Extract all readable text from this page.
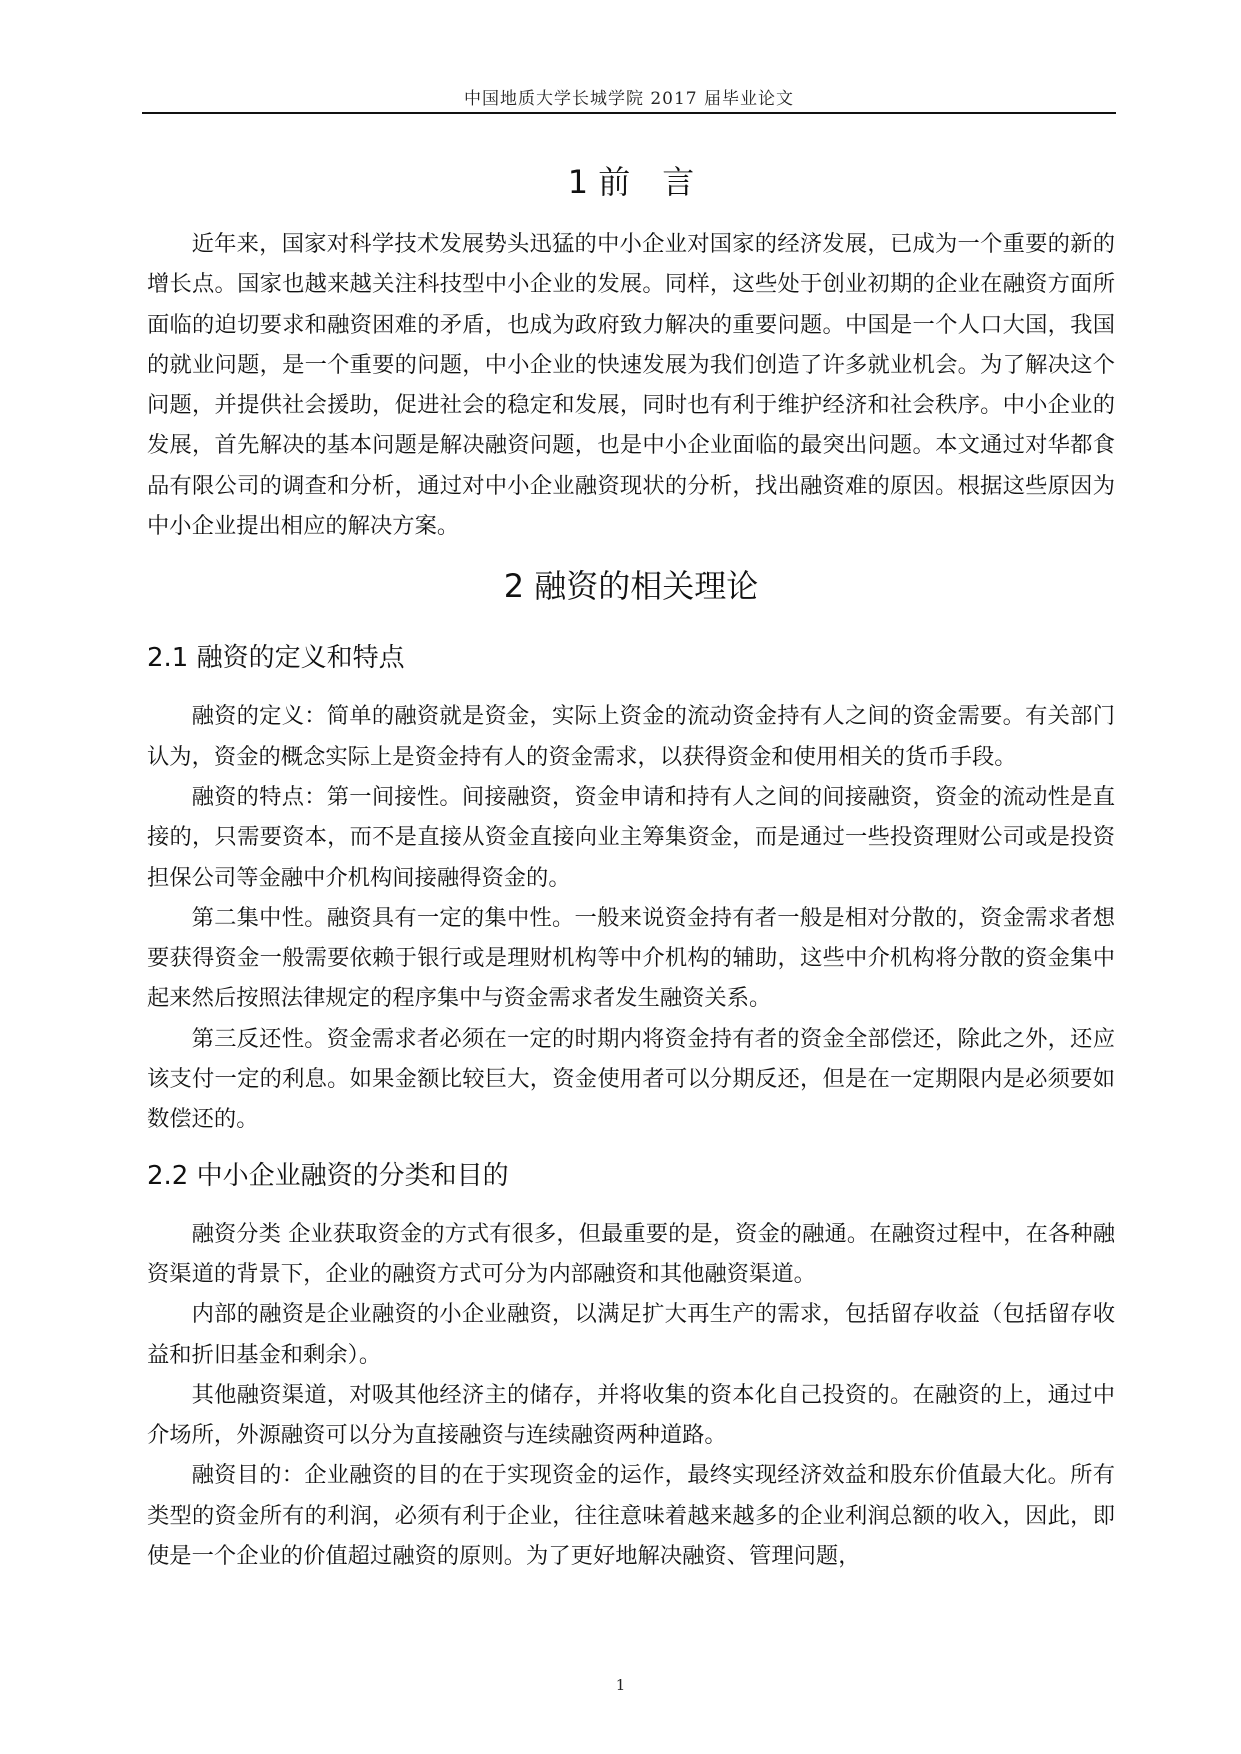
中国地质大学长城学院 2017 届毕业论文
1 前　言

近年来，国家对科学技术发展势头迅猛的中小企业对国家的经济发展，已成为一个重要的新的增长点。国家也越来越关注科技型中小企业的发展。同样，这些处于创业初期的企业在融资方面所面临的迫切要求和融资困难的矛盾，也成为政府致力解决的重要问题。中国是一个人口大国，我国的就业问题，是一个重要的问题，中小企业的快速发展为我们创造了许多就业机会。为了解决这个问题，并提供社会援助，促进社会的稳定和发展，同时也有利于维护经济和社会秩序。中小企业的发展，首先解决的基本问题是解决融资问题，也是中小企业面临的最突出问题。本文通过对华都食品有限公司的调查和分析，通过对中小企业融资现状的分析，找出融资难的原因。根据这些原因为中小企业提出相应的解决方案。

2 融资的相关理论
2.1 融资的定义和特点

融资的定义：简单的融资就是资金，实际上资金的流动资金持有人之间的资金需要。有关部门认为，资金的概念实际上是资金持有人的资金需求，以获得资金和使用相关的货币手段。

融资的特点：第一间接性。间接融资，资金申请和持有人之间的间接融资，资金的流动性是直接的，只需要资本，而不是直接从资金直接向业主筹集资金，而是通过一些投资理财公司或是投资担保公司等金融中介机构间接融得资金的。

第二集中性。融资具有一定的集中性。一般来说资金持有者一般是相对分散的，资金需求者想要获得资金一般需要依赖于银行或是理财机构等中介机构的辅助，这些中介机构将分散的资金集中起来然后按照法律规定的程序集中与资金需求者发生融资关系。

第三反还性。资金需求者必须在一定的时期内将资金持有者的资金全部偿还，除此之外，还应该支付一定的利息。如果金额比较巨大，资金使用者可以分期反还，但是在一定期限内是必须要如数偿还的。

2.2 中小企业融资的分类和目的

融资分类 企业获取资金的方式有很多，但最重要的是，资金的融通。在融资过程中，在各种融资渠道的背景下，企业的融资方式可分为内部融资和其他融资渠道。

内部的融资是企业融资的小企业融资，以满足扩大再生产的需求，包括留存收益（包括留存收益和折旧基金和剩余）。

其他融资渠道，对吸其他经济主的储存，并将收集的资本化自己投资的。在融资的上，通过中介场所，外源融资可以分为直接融资与连续融资两种道路。

融资目的：企业融资的目的在于实现资金的运作，最终实现经济效益和股东价值最大化。所有类型的资金所有的利润，必须有利于企业，往往意味着越来越多的企业利润总额的收入，因此，即使是一个企业的价值超过融资的原则。为了更好地解决融资、管理问题，

1
